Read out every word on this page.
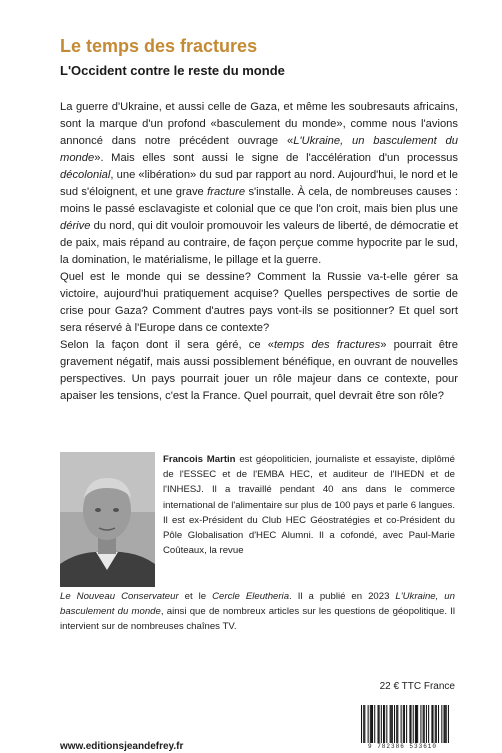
Le temps des fractures
L'Occident contre le reste du monde

La guerre d'Ukraine, et aussi celle de Gaza, et même les soubresauts africains, sont la marque d'un profond «basculement du monde», comme nous l'avions annoncé dans notre précédent ouvrage «L'Ukraine, un basculement du monde». Mais elles sont aussi le signe de l'accélération d'un processus décolonial, une «libération» du sud par rapport au nord. Aujourd'hui, le nord et le sud s'éloignent, et une grave fracture s'installe. À cela, de nombreuses causes : moins le passé esclavagiste et colonial que ce que l'on croit, mais bien plus une dérive du nord, qui dit vouloir promouvoir les valeurs de liberté, de démocratie et de paix, mais répand au contraire, de façon perçue comme hypocrite par le sud, la domination, le matérialisme, le pillage et la guerre.

Quel est le monde qui se dessine? Comment la Russie va-t-elle gérer sa victoire, aujourd'hui pratiquement acquise? Quelles perspectives de sortie de crise pour Gaza? Comment d'autres pays vont-ils se positionner? Et quel sort sera réservé à l'Europe dans ce contexte?

Selon la façon dont il sera géré, ce «temps des fractures» pourrait être gravement négatif, mais aussi possiblement bénéfique, en ouvrant de nouvelles perspectives. Un pays pourrait jouer un rôle majeur dans ce contexte, pour apaiser les tensions, c'est la France. Quel pourrait, quel devrait être son rôle?

Francois Martin est géopoliticien, journaliste et essayiste, diplômé de l'ESSEC et de l'EMBA HEC, et auditeur de l'IHEDN et de l'INHESJ. Il a travaillé pendant 40 ans dans le commerce international de l'alimentaire sur plus de 100 pays et parle 6 langues. Il est ex-Président du Club HEC Géostratégies et co-Président du Pôle Globalisation d'HEC Alumni. Il a cofondé, avec Paul-Marie Coûteaux, la revue

Le Nouveau Conservateur et le Cercle Eleutheria. Il a publié en 2023 L'Ukraine, un basculement du monde, ainsi que de nombreux articles sur les questions de géopolitique. Il intervient sur de nombreuses chaînes TV.

22 € TTC France
9 782386 533610
www.editionsjeandefrey.fr
